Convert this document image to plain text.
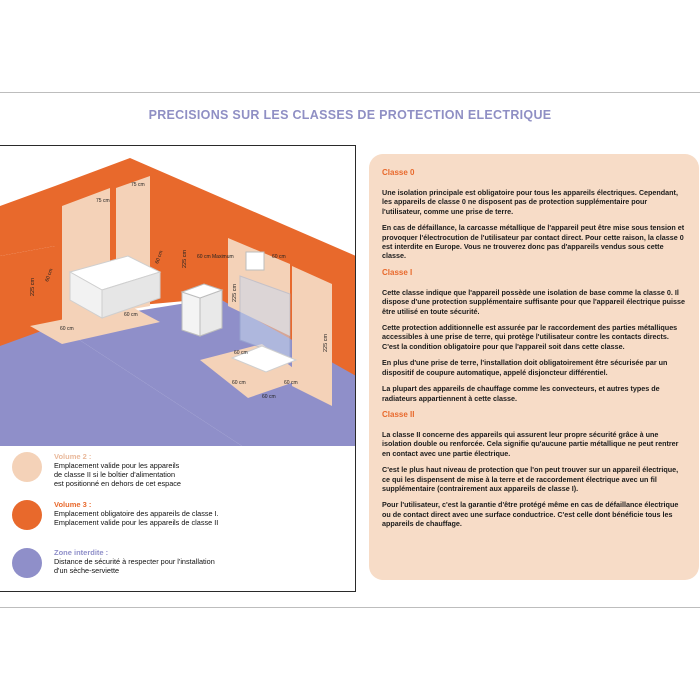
PRECISIONS SUR LES CLASSES DE PROTECTION ELECTRIQUE
75 cm
75 cm
225 cm
225 cm
225 cm
225 cm
60 cm
60 cm
60 cm
60 cm
60 cm
60 cm
60 cm	60 cm
60 cm
60 cm Maximum
Volume 2 :
Emplacement valide pour les appareils
de classe II si le boîtier d'alimentation
est positionné en dehors de cet espace
Volume 3 :
Emplacement obligatoire des appareils de classe I.
Emplacement valide pour les appareils de classe II
Zone interdite :
Distance de sécurité à respecter pour l'installation
d'un sèche-serviette
Classe 0

Une isolation principale est obligatoire pour tous les appareils électriques. Cependant, les appareils de classe 0 ne disposent pas de protection supplémentaire pour l'utilisateur, comme une prise de terre.

En cas de défaillance, la carcasse métallique de l'appareil peut être mise sous tension et provoquer l'électrocution de l'utilisateur par contact direct. Pour cette raison, la classe 0 est interdite en Europe. Vous ne trouverez donc pas d'appareils vendus sous cette classe.

Classe I

Cette classe indique que l'appareil possède une isolation de base comme la classe 0. Il dispose d'une protection supplémentaire suffisante pour que l'appareil électrique puisse être utilisé en toute sécurité.

Cette protection additionnelle est assurée par le raccordement des parties métalliques accessibles à une prise de terre, qui protège l'utilisateur contre les contacts directs. C'est la condition obligatoire pour que l'appareil soit dans cette classe.

En plus d'une prise de terre, l'installation doit obligatoirement être sécurisée par un dispositif de coupure automatique, appelé disjoncteur différentiel.

La plupart des appareils de chauffage comme les convecteurs, et autres types de radiateurs appartiennent à cette classe.

Classe II

La classe II concerne des appareils qui assurent leur propre sécurité grâce à une isolation double ou renforcée. Cela signifie qu'aucune partie métallique ne peut rentrer en contact avec une partie électrique.

C'est le plus haut niveau de protection que l'on peut trouver sur un appareil électrique, ce qui les dispensent de mise à la terre et de raccordement électrique avec un fil supplémentaire (contrairement aux appareils de classe I).

Pour l'utilisateur, c'est la garantie d'être protégé même en cas de défaillance électrique ou de contact direct avec une surface conductrice. C'est celle dont bénéficie tous les appareils de chauffage.
